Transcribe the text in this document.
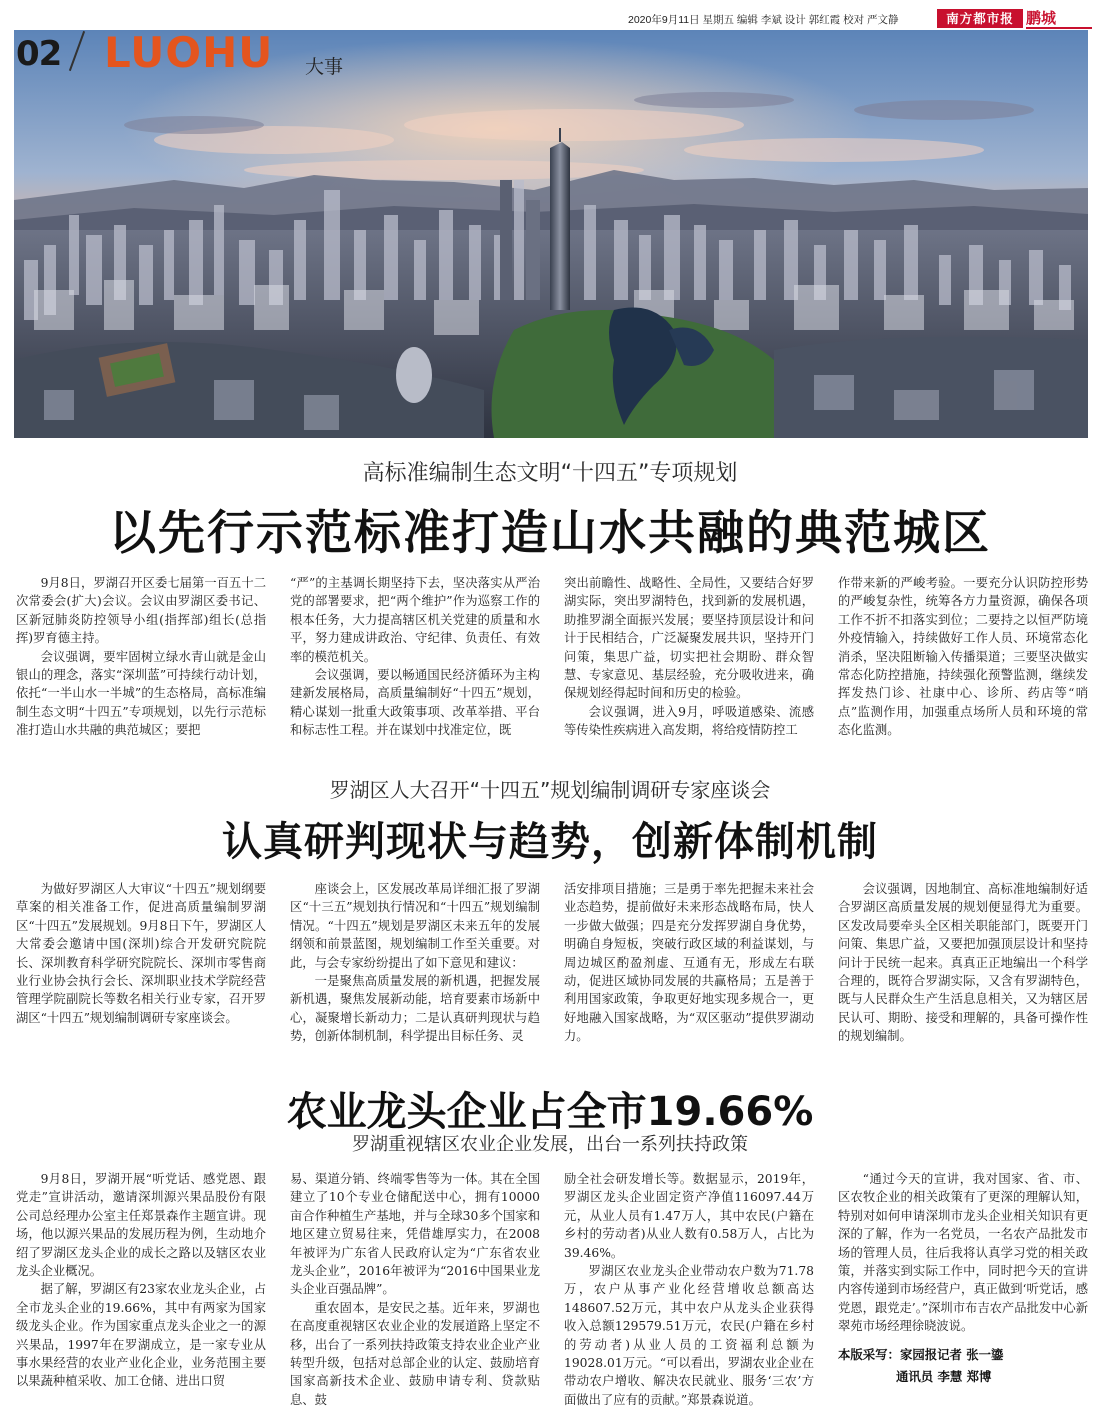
2020年9月11日 星期五 编辑 李斌 设计 郭红霞 校对 严文静	南方都市报 鹏城
02 LUOHU 大事
高标准编制生态文明“十四五”专项规划
以先行示范标准打造山水共融的典范城区

9月8日，罗湖召开区委七届第一百五十二次常委会(扩大)会议。会议由罗湖区委书记、区新冠肺炎防控领导小组(指挥部)组长(总指挥)罗育德主持。

会议强调，要牢固树立绿水青山就是金山银山的理念，落实“深圳蓝”可持续行动计划，依托“一半山水一半城”的生态格局，高标准编制生态文明“十四五”专项规划，以先行示范标准打造山水共融的典范城区；要把

“严”的主基调长期坚持下去，坚决落实从严治党的部署要求，把“两个维护”作为巡察工作的根本任务，大力提高辖区机关党建的质量和水平，努力建成讲政治、守纪律、负责任、有效率的模范机关。

会议强调，要以畅通国民经济循环为主构建新发展格局，高质量编制好“十四五”规划，精心谋划一批重大政策事项、改革举措、平台和标志性工程。并在谋划中找准定位，既

突出前瞻性、战略性、全局性，又要结合好罗湖实际，突出罗湖特色，找到新的发展机遇，助推罗湖全面振兴发展；要坚持顶层设计和问计于民相结合，广泛凝聚发展共识，坚持开门问策，集思广益，切实把社会期盼、群众智慧、专家意见、基层经验，充分吸收进来，确保规划经得起时间和历史的检验。

会议强调，进入9月，呼吸道感染、流感等传染性疾病进入高发期，将给疫情防控工

作带来新的严峻考验。一要充分认识防控形势的严峻复杂性，统筹各方力量资源，确保各项工作不折不扣落实到位；二要持之以恒严防境外疫情输入，持续做好工作人员、环境常态化消杀，坚决阻断输入传播渠道；三要坚决做实常态化防控措施，持续强化预警监测，继续发挥发热门诊、社康中心、诊所、药店等“哨点”监测作用，加强重点场所人员和环境的常态化监测。

罗湖区人大召开“十四五”规划编制调研专家座谈会
认真研判现状与趋势，创新体制机制

为做好罗湖区人大审议“十四五”规划纲要草案的相关准备工作，促进高质量编制罗湖区“十四五”发展规划。9月8日下午，罗湖区人大常委会邀请中国(深圳)综合开发研究院院长、深圳教育科学研究院院长、深圳市零售商业行业协会执行会长、深圳职业技术学院经营管理学院副院长等数名相关行业专家，召开罗湖区“十四五”规划编制调研专家座谈会。

座谈会上，区发展改革局详细汇报了罗湖区“十三五”规划执行情况和“十四五”规划编制情况。“十四五”规划是罗湖区未来五年的发展纲领和前景蓝图，规划编制工作至关重要。对此，与会专家纷纷提出了如下意见和建议：

一是聚焦高质量发展的新机遇，把握发展新机遇，聚焦发展新动能，培育要素市场新中心，凝聚增长新动力；二是认真研判现状与趋势，创新体制机制，科学提出目标任务、灵

活安排项目措施；三是勇于率先把握未来社会业态趋势，提前做好未来形态战略布局，快人一步做大做强；四是充分发挥罗湖自身优势，明确自身短板，突破行政区域的利益谋划，与周边城区酌盈剂虚、互通有无，形成左右联动，促进区域协同发展的共赢格局；五是善于利用国家政策，争取更好地实现多规合一，更好地融入国家战略，为“双区驱动”提供罗湖动力。

会议强调，因地制宜、高标准地编制好适合罗湖区高质量发展的规划便显得尤为重要。区发改局要牵头全区相关职能部门，既要开门问策、集思广益，又要把加强顶层设计和坚持问计于民统一起来。真真正正地编出一个科学合理的，既符合罗湖实际，又含有罗湖特色，既与人民群众生产生活息息相关，又为辖区居民认可、期盼、接受和理解的，具备可操作性的规划编制。

农业龙头企业占全市19.66%
罗湖重视辖区农业企业发展，出台一系列扶持政策

9月8日，罗湖开展“听党话、感党恩、跟党走”宣讲活动，邀请深圳源兴果品股份有限公司总经理办公室主任郑景森作主题宣讲。现场，他以源兴果品的发展历程为例，生动地介绍了罗湖区龙头企业的成长之路以及辖区农业龙头企业概况。

据了解，罗湖区有23家农业龙头企业，占全市龙头企业的19.66%，其中有两家为国家级龙头企业。作为国家重点龙头企业之一的源兴果品，1997年在罗湖成立，是一家专业从事水果经营的农业产业化企业，业务范围主要以果蔬种植采收、加工仓储、进出口贸

易、渠道分销、终端零售等为一体。其在全国建立了10个专业仓储配送中心，拥有10000亩合作种植生产基地，并与全球30多个国家和地区建立贸易往来，凭借雄厚实力，在2008年被评为广东省人民政府认定为“广东省农业龙头企业”，2016年被评为“2016中国果业龙头企业百强品牌”。

重农固本，是安民之基。近年来，罗湖也在高度重视辖区农业企业的发展道路上坚定不移，出台了一系列扶持政策支持农业企业产业转型升级，包括对总部企业的认定、鼓励培育国家高新技术企业、鼓励申请专利、贷款贴息、鼓

励全社会研发增长等。数据显示，2019年，罗湖区龙头企业固定资产净值116097.44万元，从业人员有1.47万人，其中农民(户籍在乡村的劳动者)从业人数有0.58万人，占比为39.46%。

罗湖区农业龙头企业带动农户数为71.78万，农户从事产业化经营增收总额高达148607.52万元，其中农户从龙头企业获得收入总额129579.51万元，农民(户籍在乡村的劳动者)从业人员的工资福利总额为19028.01万元。“可以看出，罗湖农业企业在带动农户增收、解决农民就业、服务‘三农’方面做出了应有的贡献。”郑景森说道。

“通过今天的宣讲，我对国家、省、市、区农牧企业的相关政策有了更深的理解认知，特别对如何申请深圳市龙头企业相关知识有更深的了解，作为一名党员，一名农产品批发市场的管理人员，往后我将认真学习党的相关政策，并落实到实际工作中，同时把今天的宣讲内容传递到市场经营户，真正做到‘听党话，感党恩，跟党走’。”深圳市布吉农产品批发中心新翠苑市场经理徐晓波说。

本版采写：家园报记者 张一鎏
通讯员 李慧 郑博
